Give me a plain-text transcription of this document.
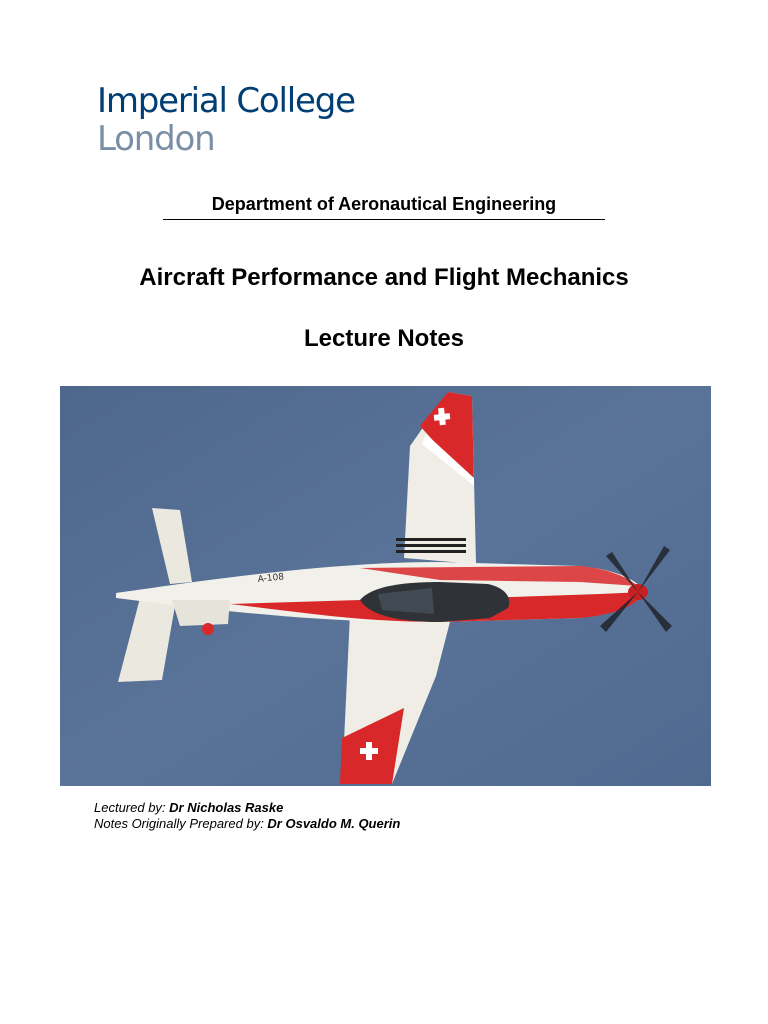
Imperial College
London
Department of Aeronautical Engineering
Aircraft Performance and Flight Mechanics
Lecture Notes
A-108
Lectured by: Dr Nicholas Raske
Notes Originally Prepared by: Dr Osvaldo M. Querin
